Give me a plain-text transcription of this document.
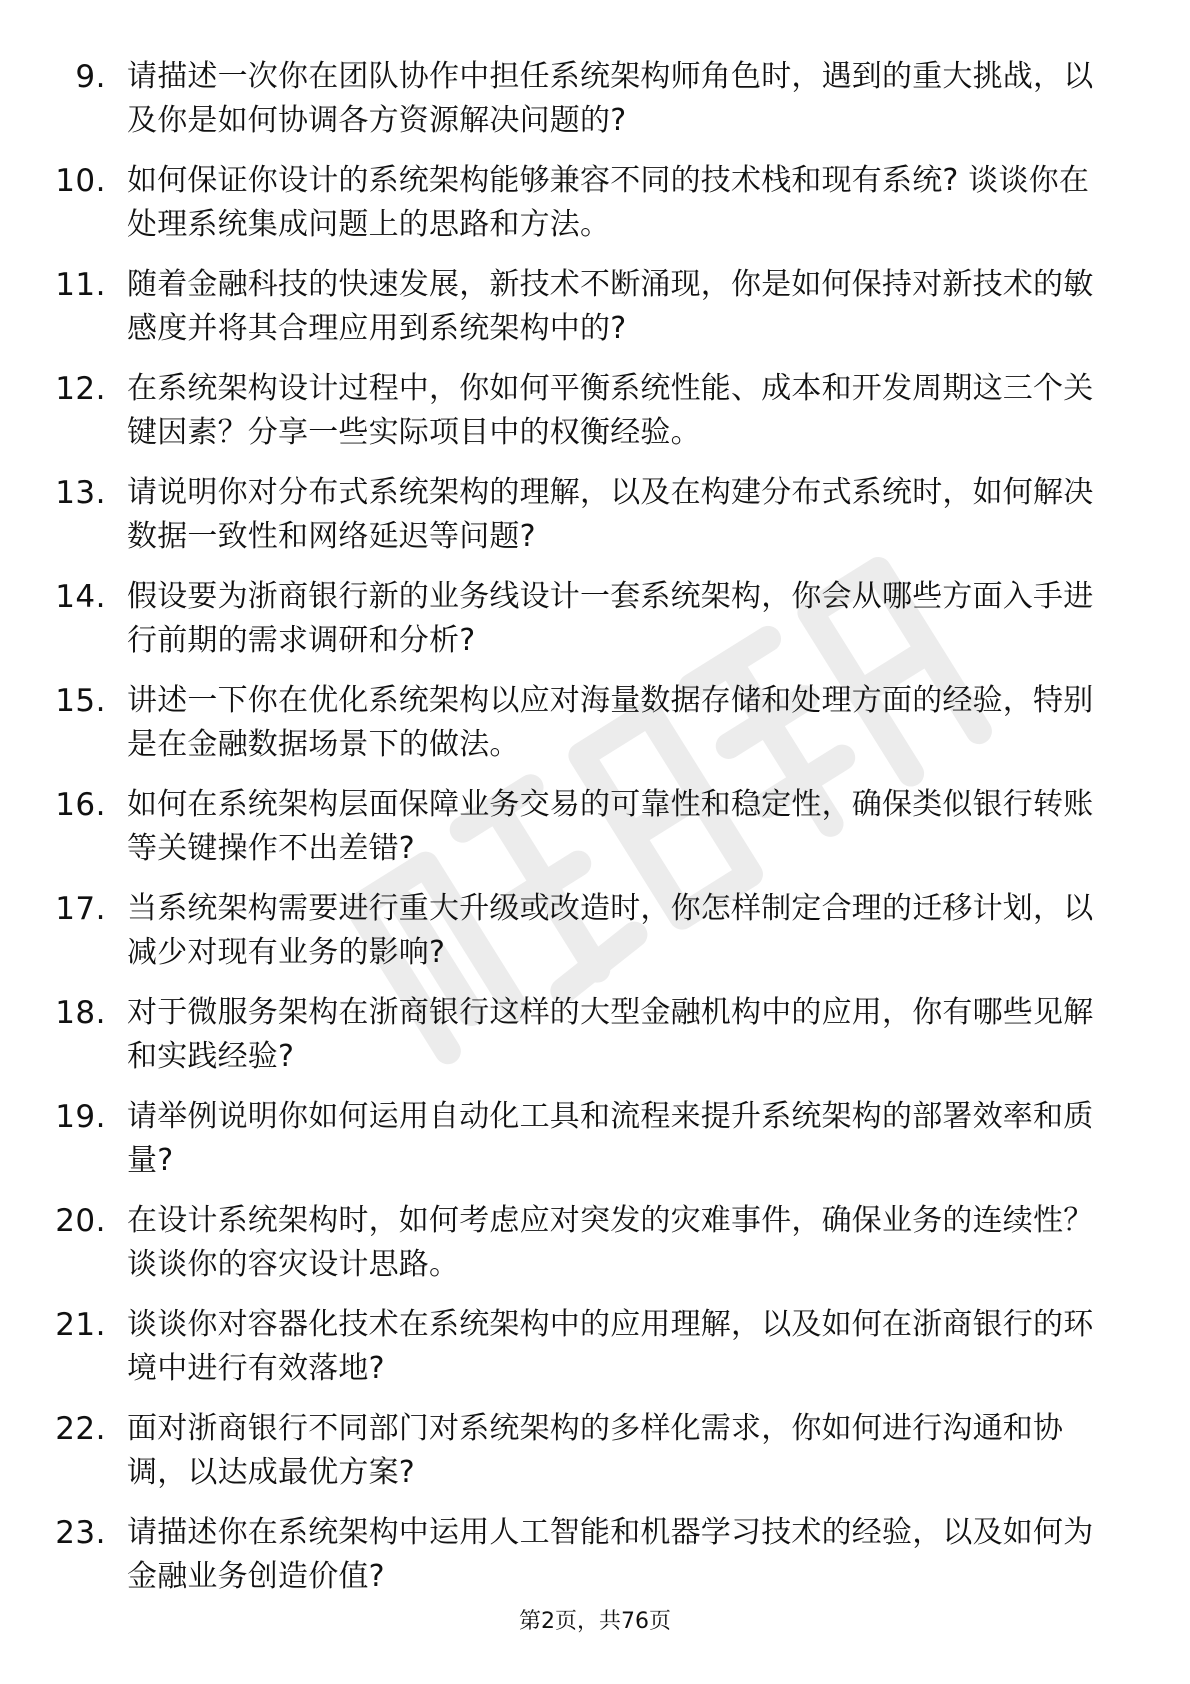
9. 请描述一次你在团队协作中担任系统架构师角色时，遇到的重大挑战，以及你是如何协调各方资源解决问题的?
10. 如何保证你设计的系统架构能够兼容不同的技术栈和现有系统? 谈谈你在处理系统集成问题上的思路和方法。
11. 随着金融科技的快速发展，新技术不断涌现，你是如何保持对新技术的敏感度并将其合理应用到系统架构中的?
12. 在系统架构设计过程中，你如何平衡系统性能、成本和开发周期这三个关键因素？分享一些实际项目中的权衡经验。
13. 请说明你对分布式系统架构的理解，以及在构建分布式系统时，如何解决数据一致性和网络延迟等问题?
14. 假设要为浙商银行新的业务线设计一套系统架构，你会从哪些方面入手进行前期的需求调研和分析?
15. 讲述一下你在优化系统架构以应对海量数据存储和处理方面的经验，特别是在金融数据场景下的做法。
16. 如何在系统架构层面保障业务交易的可靠性和稳定性，确保类似银行转账等关键操作不出差错?
17. 当系统架构需要进行重大升级或改造时，你怎样制定合理的迁移计划，以减少对现有业务的影响?
18. 对于微服务架构在浙商银行这样的大型金融机构中的应用，你有哪些见解和实践经验?
19. 请举例说明你如何运用自动化工具和流程来提升系统架构的部署效率和质量?
20. 在设计系统架构时，如何考虑应对突发的灾难事件，确保业务的连续性？谈谈你的容灾设计思路。
21. 谈谈你对容器化技术在系统架构中的应用理解，以及如何在浙商银行的环境中进行有效落地?
22. 面对浙商银行不同部门对系统架构的多样化需求，你如何进行沟通和协调，以达成最优方案?
23. 请描述你在系统架构中运用人工智能和机器学习技术的经验，以及如何为金融业务创造价值?
第2页，共76页
